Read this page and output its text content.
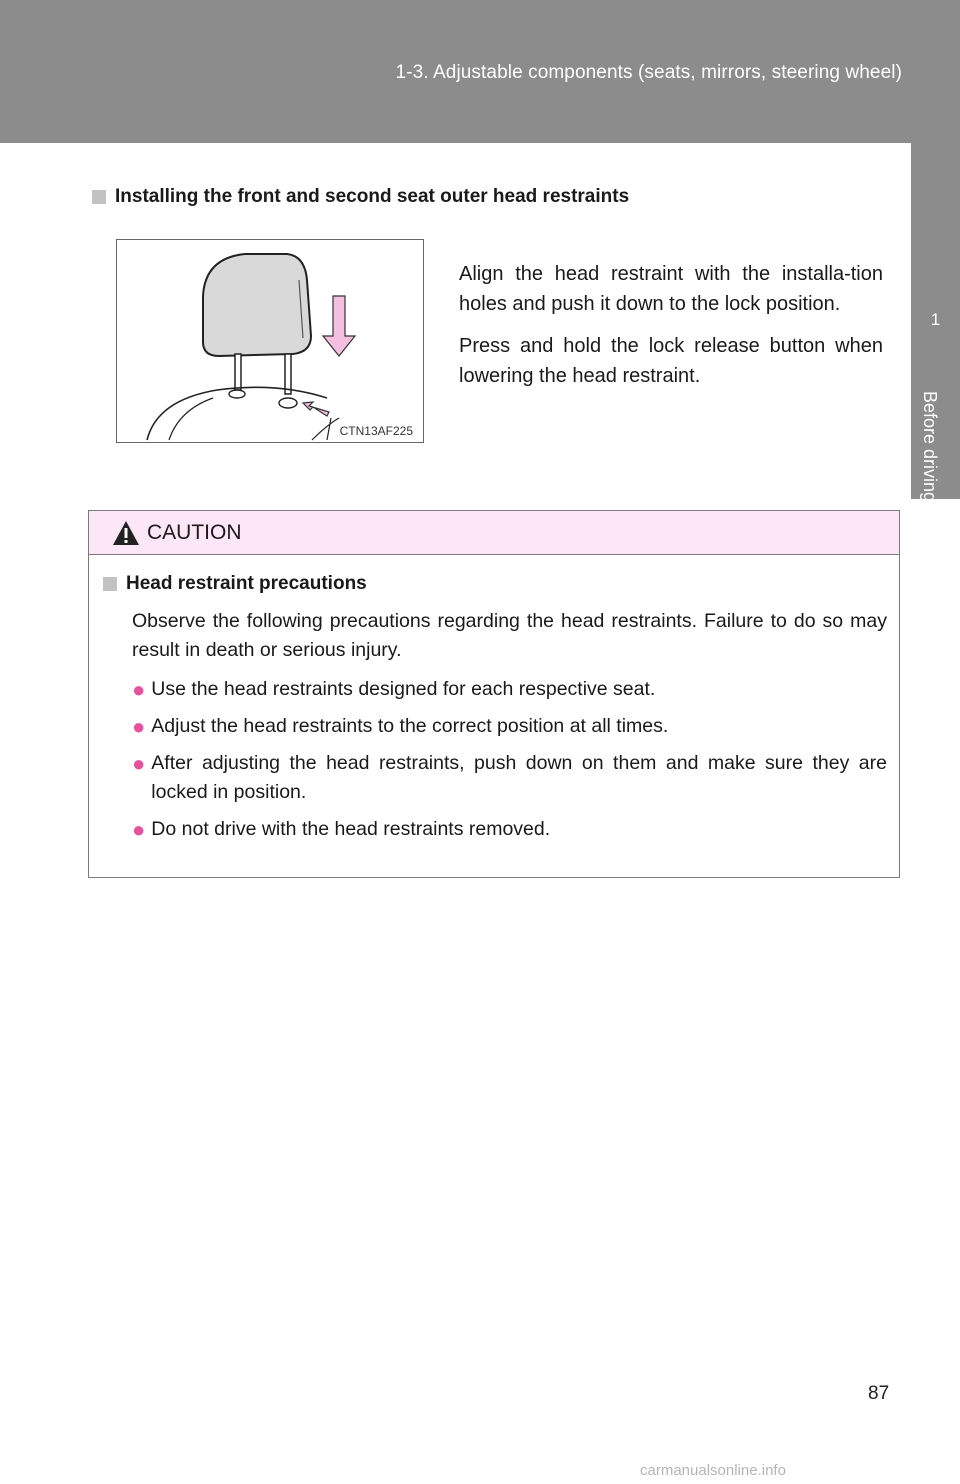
1-3. Adjustable components (seats, mirrors, steering wheel)
1
Before driving
Installing the front and second seat outer head restraints
CTN13AF225

Align the head restraint with the installa-tion holes and push it down to the lock position.

Press and hold the lock release button when lowering the head restraint.

CAUTION
Head restraint precautions

Observe the following precautions regarding the head restraints. Failure to do so may result in death or serious injury.

● Use the head restraints designed for each respective seat.
● Adjust the head restraints to the correct position at all times.
● After adjusting the head restraints, push down on them and make sure they are locked in position.
● Do not drive with the head restraints removed.
87
carmanualsonline.info
